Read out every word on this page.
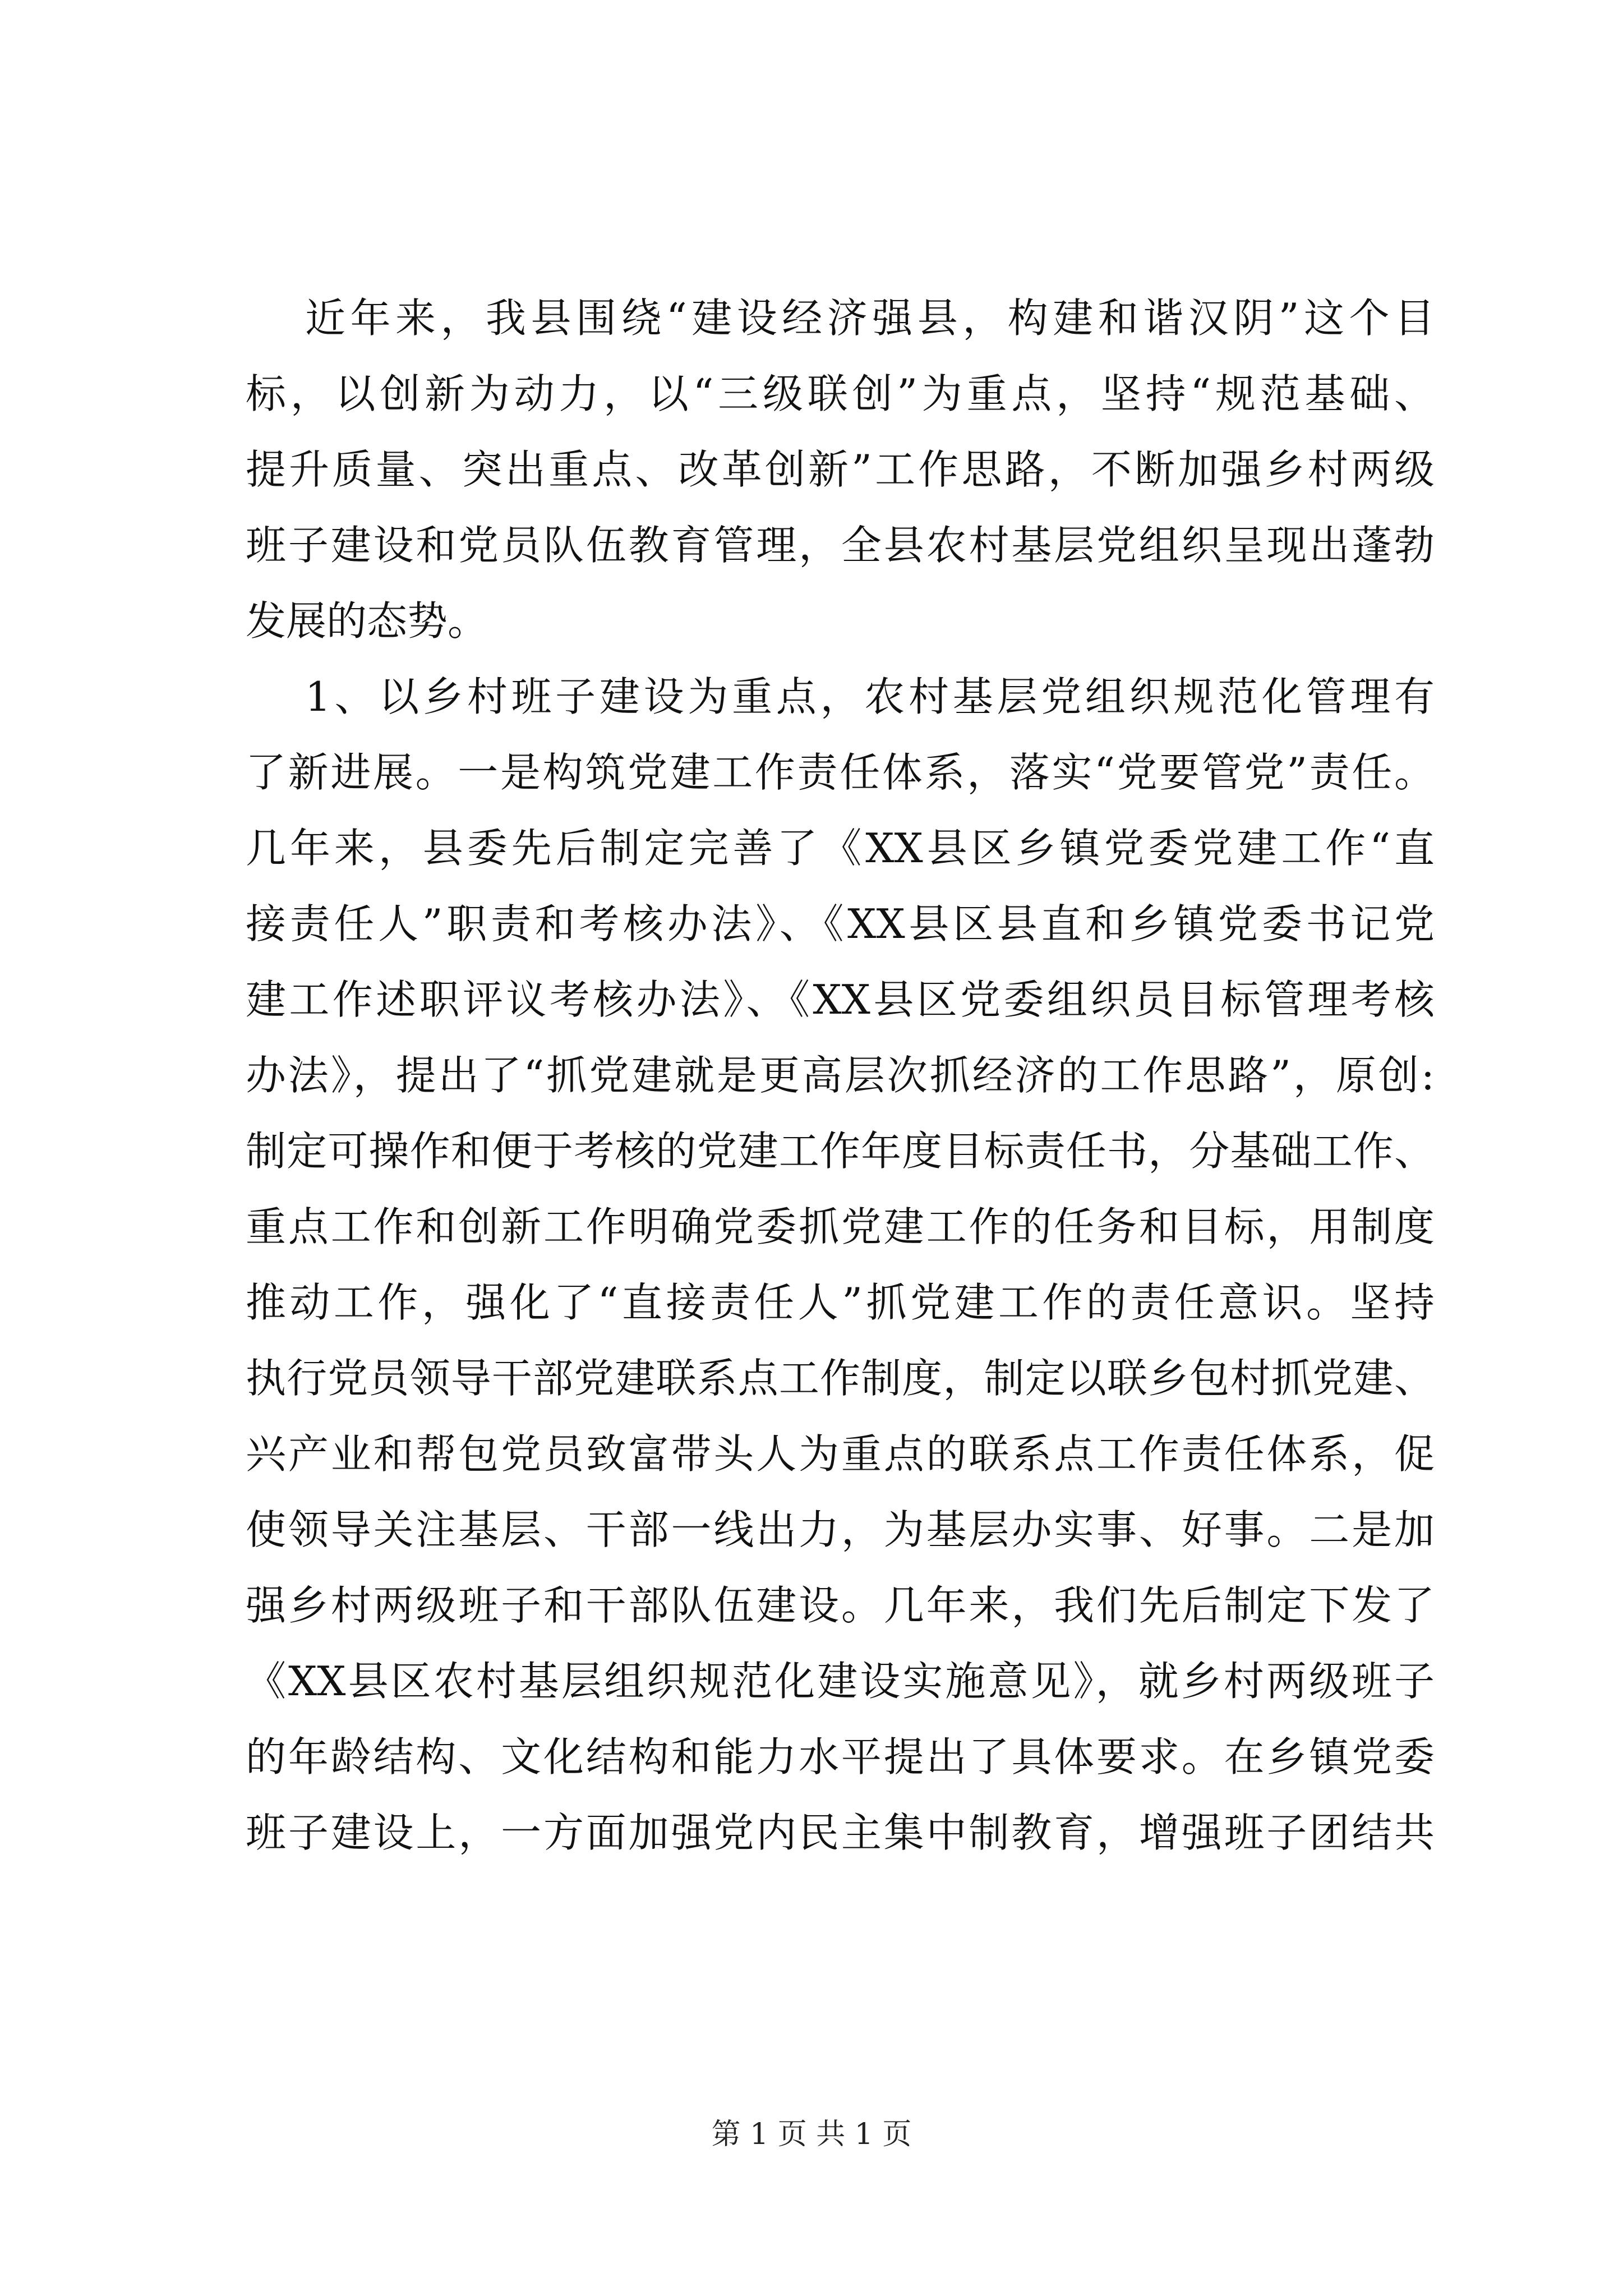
近年来，我县围绕“建设经济强县，构建和谐汉阴”这个目
标，以创新为动力，以“三级联创”为重点，坚持“规范基础、
提升质量、突出重点、改革创新”工作思路，不断加强乡村两级
班子建设和党员队伍教育管理，全县农村基层党组织呈现出蓬勃
发展的态势。
1、以乡村班子建设为重点，农村基层党组织规范化管理有
了新进展。一是构筑党建工作责任体系，落实“党要管党”责任。
几年来，县委先后制定完善了《XX县区乡镇党委党建工作“直
接责任人”职责和考核办法》、《XX县区县直和乡镇党委书记党
建工作述职评议考核办法》、《XX县区党委组织员目标管理考核
办法》，提出了“抓党建就是更高层次抓经济的工作思路”，原创:
制定可操作和便于考核的党建工作年度目标责任书，分基础工作、
重点工作和创新工作明确党委抓党建工作的任务和目标，用制度
推动工作，强化了“直接责任人”抓党建工作的责任意识。坚持
执行党员领导干部党建联系点工作制度，制定以联乡包村抓党建、
兴产业和帮包党员致富带头人为重点的联系点工作责任体系，促
使领导关注基层、干部一线出力，为基层办实事、好事。二是加
强乡村两级班子和干部队伍建设。几年来，我们先后制定下发了
《XX县区农村基层组织规范化建设实施意见》，就乡村两级班子
的年龄结构、文化结构和能力水平提出了具体要求。在乡镇党委
班子建设上，一方面加强党内民主集中制教育，增强班子团结共
第 1 页 共 1 页
